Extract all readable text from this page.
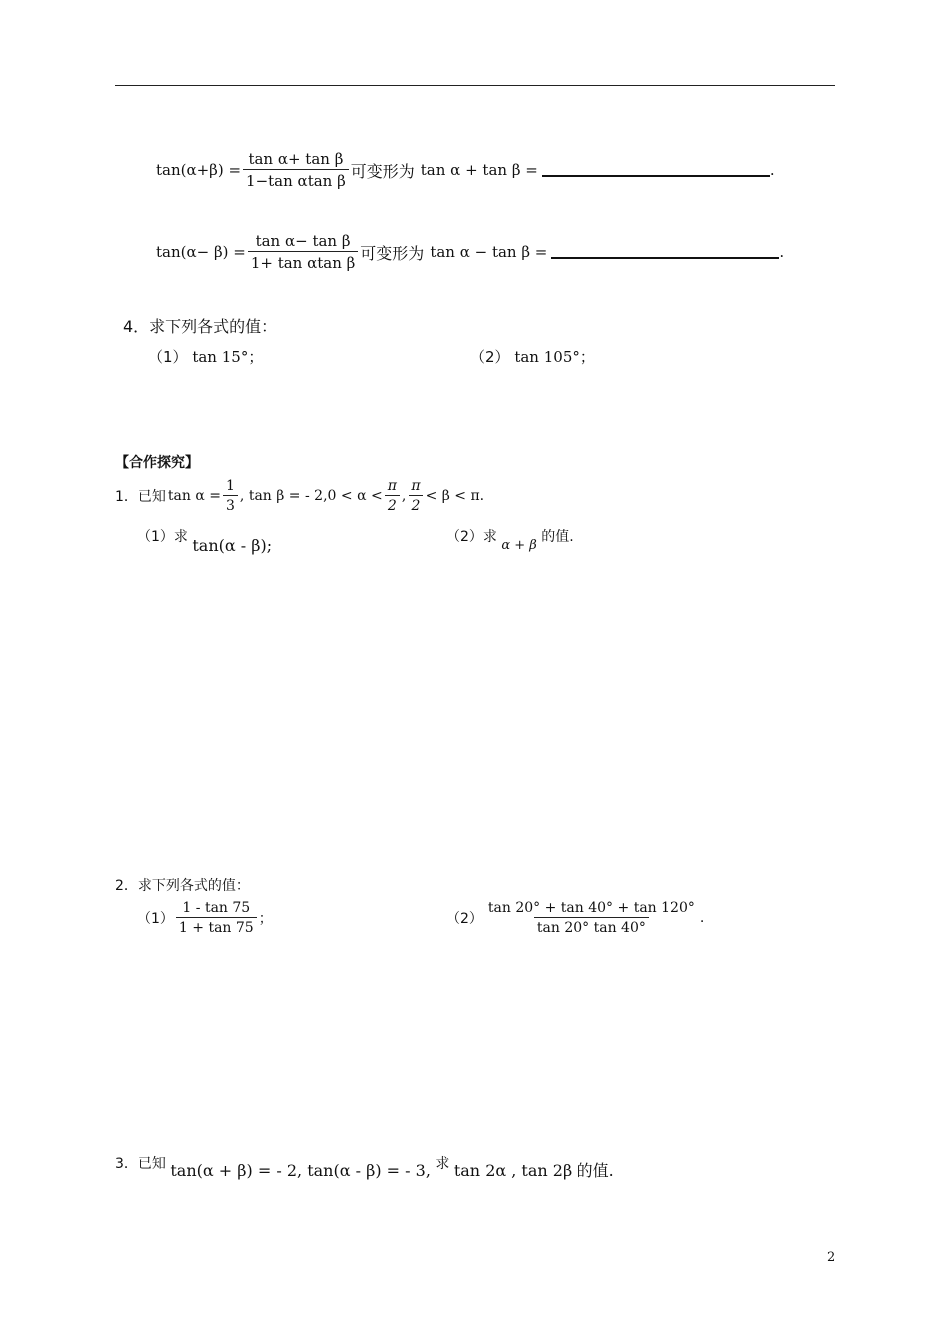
$\tan(\alpha+\beta) = \frac{\text{tan α+ tan β}}{\text{1−tan αtan β}}$ 可变形为 tan α + tan β =	.
$\tan(\alpha- \beta) = \frac{\text{tan α− tan β}}{\text{1+ tan αtan β}}$ 可变形为 tan α − tan β =	.
4．求下列各式的值：
（1） tan 15°；	（2） tan 105°；
【合作探究】
1．已知 $\tan \alpha = \frac{1}{3}$ , tan β = - $2,0 < \alpha < \frac{\pi}{2}$ , $\frac{\pi}{2} < \beta < \pi$.
（1）求 tan(α - β);	（2）求 α + β 的值.
2．求下列各式的值：
$(1) \frac{1 - \tan 75}{1 + \tan 75}$ ；	$(2) \frac{\tan 20^\circ + \tan 40^\circ + \tan 120^\circ}{\tan 20^\circ \tan 40^\circ}$ .
3．已知 tan(α + β) = - 2, tan(α - β) = - 3, 求 tan 2α , tan 2β 的值.
2
